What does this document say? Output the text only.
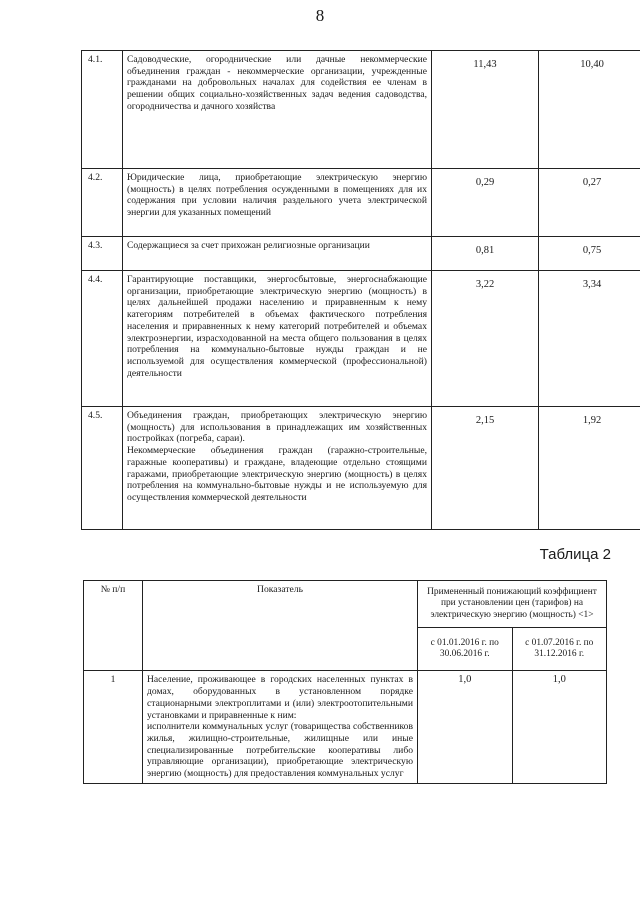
8
4.1.	Садоводческие, огороднические или дачные некоммерческие объединения граждан - некоммерческие организации, учрежденные гражданами на добровольных началах для содействия ее членам в решении общих социально-хозяйственных задач ведения садоводства, огородничества и дачного хозяйства	11,43	10,40
4.2.	Юридические лица, приобретающие электрическую энергию (мощность) в целях потребления осужденными в помещениях для их содержания при условии наличия раздельного учета электрической энергии для указанных помещений	0,29	0,27
4.3.	Содержащиеся за счет прихожан религиозные организации	0,81	0,75
4.4.	Гарантирующие поставщики, энергосбытовые, энергоснабжающие организации, приобретающие электрическую энергию (мощность) в целях дальнейшей продажи населению и приравненным к нему категориям потребителей в объемах фактического потребления населения и приравненных к нему категорий потребителей и объемах электроэнергии, израсходованной на места общего пользования в целях потребления на коммунально-бытовые нужды граждан и не используемой для осуществления коммерческой (профессиональной) деятельности	3,22	3,34
4.5.	Объединения граждан, приобретающих электрическую энергию (мощность) для использования в принадлежащих им хозяйственных постройках (погреба, сараи).
Некоммерческие объединения граждан (гаражно-строительные, гаражные кооперативы) и граждане, владеющие отдельно стоящими гаражами, приобретающие электрическую энергию (мощность) в целях потребления на коммунально-бытовые нужды и не используемую для осуществления коммерческой деятельности	2,15	1,92
Таблица 2
№ п/п	Показатель	Примененный понижающий коэффициент при установлении цен (тарифов) на электрическую энергию (мощность) <1>	
		с 01.01.2016 г. по 30.06.2016 г.	с 01.07.2016 г. по 31.12.2016 г.
1	Население, проживающее в городских населенных пунктах в домах, оборудованных в установленном порядке стационарными электроплитами и (или) электроотопительными установками и приравненные к ним:
исполнители коммунальных услуг (товарищества собственников жилья, жилищно-строительные, жилищные или иные специализированные потребительские кооперативы либо управляющие организации), приобретающие электрическую энергию (мощность) для предоставления коммунальных услуг	1,0	1,0
